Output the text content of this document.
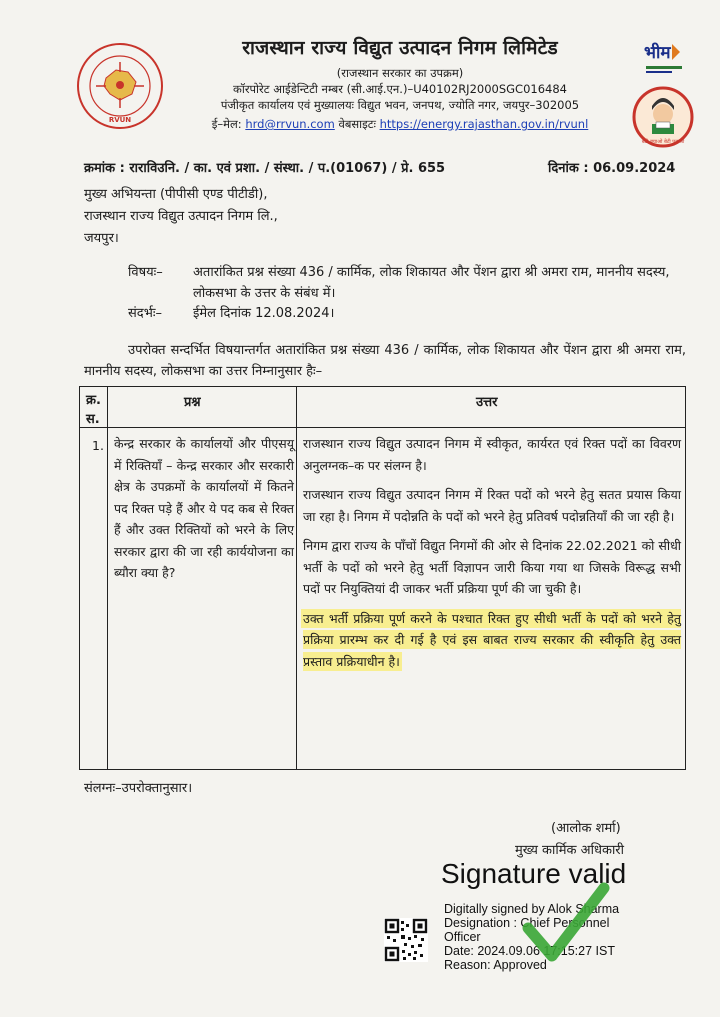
RVUN
राजस्थान राज्य विद्युत उत्पादन निगम लिमिटेड
(राजस्थान सरकार का उपक्रम)
कॉरपोरेट आईडेन्टिटी नम्बर (सी.आई.एन.)–U40102RJ2000SGC016484
पंजीकृत कार्यालय एवं मुख्यालयः विद्युत भवन, जनपथ, ज्योति नगर, जयपुर–302005
ई–मेल: hrd@rrvun.com वेबसाइटः https://energy.rajasthan.gov.in/rvunl
भीम
बेटी बचाओ बेटी पढ़ाओ
क्रमांक : राराविउनि. / का. एवं प्रशा. / संस्था. / प.(01067) / प्रे. 655	दिनांक : 06.09.2024
मुख्य अभियन्ता (पीपीसी एण्ड पीटीडी),
राजस्थान राज्य विद्युत उत्पादन निगम लि.,
जयपुर।
विषयः– अतारांकित प्रश्न संख्या 436 / कार्मिक, लोक शिकायत और पेंशन द्वारा श्री अमरा राम, माननीय सदस्य, लोकसभा के उत्तर के संबंध में।
संदर्भः– ईमेल दिनांक 12.08.2024।
उपरोक्त सन्दर्भित विषयान्तर्गत अतारांकित प्रश्न संख्या 436 / कार्मिक, लोक शिकायत और पेंशन द्वारा श्री अमरा राम, माननीय सदस्य, लोकसभा का उत्तर निम्नानुसार हैः–
क्र.
स.
प्रश्न	उत्तर
1. केन्द्र सरकार के कार्यालयों और पीएसयू में रिक्तियाँ – केन्द्र सरकार और सरकारी क्षेत्र के उपक्रमों के कार्यालयों में कितने पद रिक्त पड़े हैं और ये पद कब से रिक्त हैं और उक्त रिक्तियों को भरने के लिए सरकार द्वारा की जा रही कार्ययोजना का ब्यौरा क्या है?

राजस्थान राज्य विद्युत उत्पादन निगम में स्वीकृत, कार्यरत एवं रिक्त पदों का विवरण अनुलग्नक–क पर संलग्न है।

राजस्थान राज्य विद्युत उत्पादन निगम में रिक्त पदों को भरने हेतु सतत प्रयास किया जा रहा है। निगम में पदोन्नति के पदों को भरने हेतु प्रतिवर्ष पदोन्नतियाँ की जा रही है।

निगम द्वारा राज्य के पाँचों विद्युत निगमों की ओर से दिनांक 22.02.2021 को सीधी भर्ती के पदों को भरने हेतु भर्ती विज्ञापन जारी किया गया था जिसके विरूद्ध सभी पदों पर नियुक्तियां दी जाकर भर्ती प्रक्रिया पूर्ण की जा चुकी है।

उक्त भर्ती प्रक्रिया पूर्ण करने के पश्चात रिक्त हुए सीधी भर्ती के पदों को भरने हेतु प्रक्रिया प्रारम्भ कर दी गई है एवं इस बाबत राज्य सरकार की स्वीकृति हेतु उक्त प्रस्ताव प्रक्रियाधीन है।

संलग्नः–उपरोक्तानुसार।
(आलोक शर्मा)
मुख्य कार्मिक अधिकारी
Signature valid
Digitally signed by Alok Sharma
Designation : Chief Personnel
Officer
Date: 2024.09.06 17:15:27 IST
Reason: Approved
